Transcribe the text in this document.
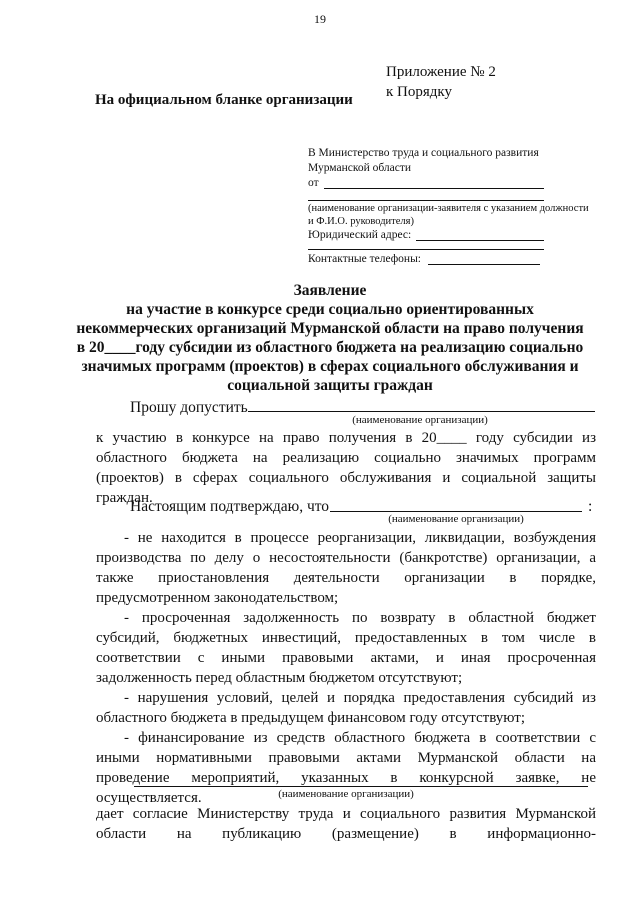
19
Приложение № 2
к Порядку
На официальном бланке организации
В Министерство труда и социального развития
Мурманской области
от
(наименование организации-заявителя с указанием должности
и Ф.И.О. руководителя)
Юридический адрес:
Контактные телефоны:
Заявление
на участие в конкурсе среди социально ориентированных
некоммерческих организаций Мурманской области на право получения
в 20____году субсидии из областного бюджета на реализацию социально
значимых программ (проектов) в сферах социального обслуживания и
социальной защиты граждан
Прошу допустить
(наименование организации)
к участию в конкурсе на право получения в 20____ году субсидии из
областного бюджета на реализацию социально значимых программ
(проектов) в сферах социального обслуживания и социальной защиты
граждан.
Настоящим подтверждаю, что	:
(наименование организации)
- не находится в процессе реорганизации, ликвидации, возбуждения
производства по делу о несостоятельности (банкротстве) организации, а
также приостановления деятельности организации в порядке,
предусмотренном законодательством;
- просроченная задолженность по возврату в областной бюджет
субсидий, бюджетных инвестиций, предоставленных в том числе в
соответствии с иными правовыми актами, и иная просроченная
задолженность перед областным бюджетом отсутствуют;
- нарушения условий, целей и порядка предоставления субсидий из
областного бюджета в предыдущем финансовом году отсутствуют;
- финансирование из средств областного бюджета в соответствии с
иными нормативными правовыми актами Мурманской области на
проведение мероприятий, указанных в конкурсной заявке, не
осуществляется.	(наименование организации)
дает согласие Министерству труда и социального развития Мурманской
области на публикацию (размещение) в информационно-
